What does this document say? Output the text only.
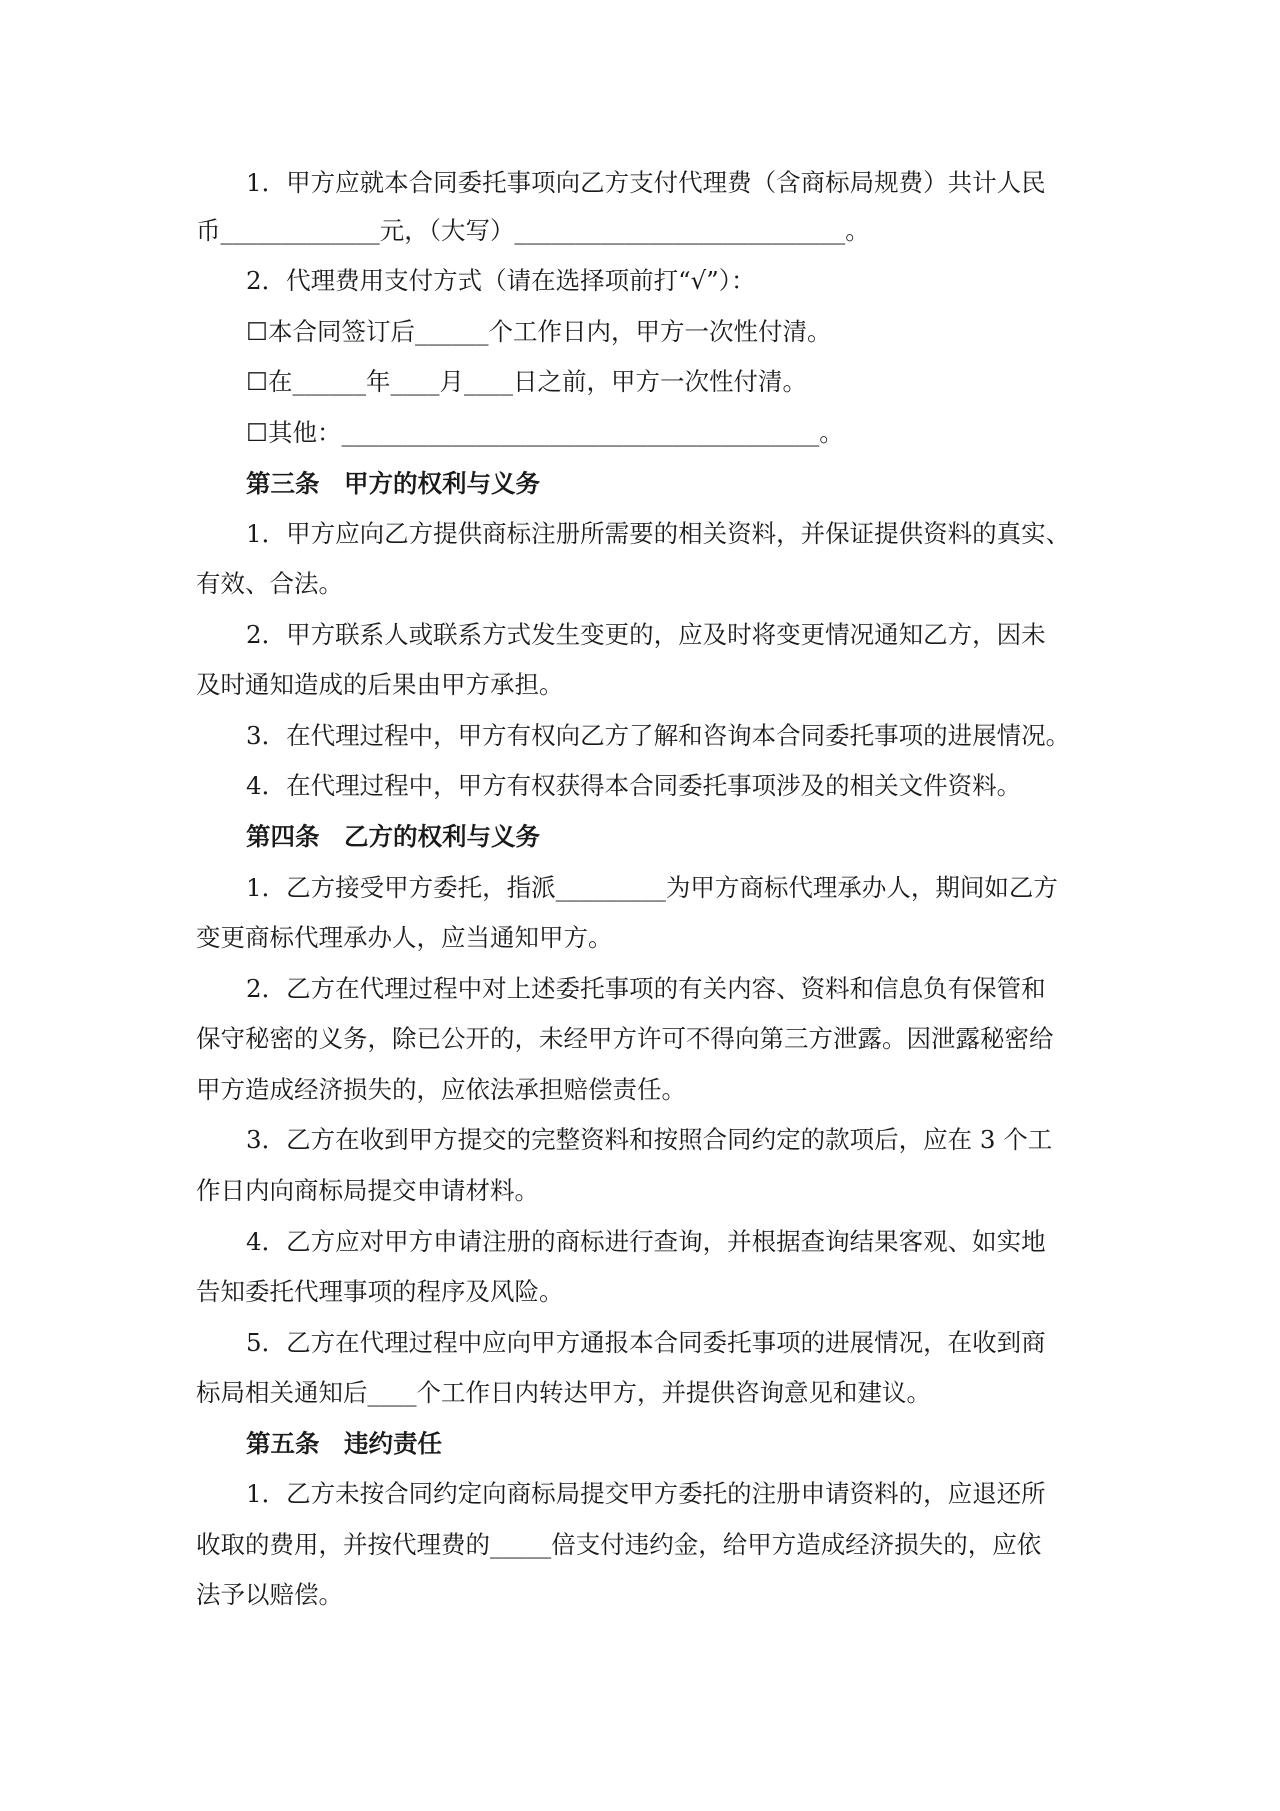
1．甲方应就本合同委托事项向乙方支付代理费（含商标局规费）共计人民
币_____________元，（大写）___________________________。
2．代理费用支付方式（请在选择项前打“√”）：
☐本合同签订后______个工作日内，甲方一次性付清。
☐在______年____月____日之前，甲方一次性付清。
☐其他：_______________________________________。
第三条　甲方的权利与义务
1．甲方应向乙方提供商标注册所需要的相关资料，并保证提供资料的真实、
有效、合法。
2．甲方联系人或联系方式发生变更的，应及时将变更情况通知乙方，因未
及时通知造成的后果由甲方承担。
3．在代理过程中，甲方有权向乙方了解和咨询本合同委托事项的进展情况。
4．在代理过程中，甲方有权获得本合同委托事项涉及的相关文件资料。
第四条　乙方的权利与义务
1．乙方接受甲方委托，指派_________为甲方商标代理承办人，期间如乙方
变更商标代理承办人，应当通知甲方。
2．乙方在代理过程中对上述委托事项的有关内容、资料和信息负有保管和
保守秘密的义务，除已公开的，未经甲方许可不得向第三方泄露。因泄露秘密给
甲方造成经济损失的，应依法承担赔偿责任。
3．乙方在收到甲方提交的完整资料和按照合同约定的款项后，应在 3 个工
作日内向商标局提交申请材料。
4．乙方应对甲方申请注册的商标进行查询，并根据查询结果客观、如实地
告知委托代理事项的程序及风险。
5．乙方在代理过程中应向甲方通报本合同委托事项的进展情况，在收到商
标局相关通知后____个工作日内转达甲方，并提供咨询意见和建议。
第五条　违约责任
1．乙方未按合同约定向商标局提交甲方委托的注册申请资料的，应退还所
收取的费用，并按代理费的_____倍支付违约金，给甲方造成经济损失的，应依
法予以赔偿。
